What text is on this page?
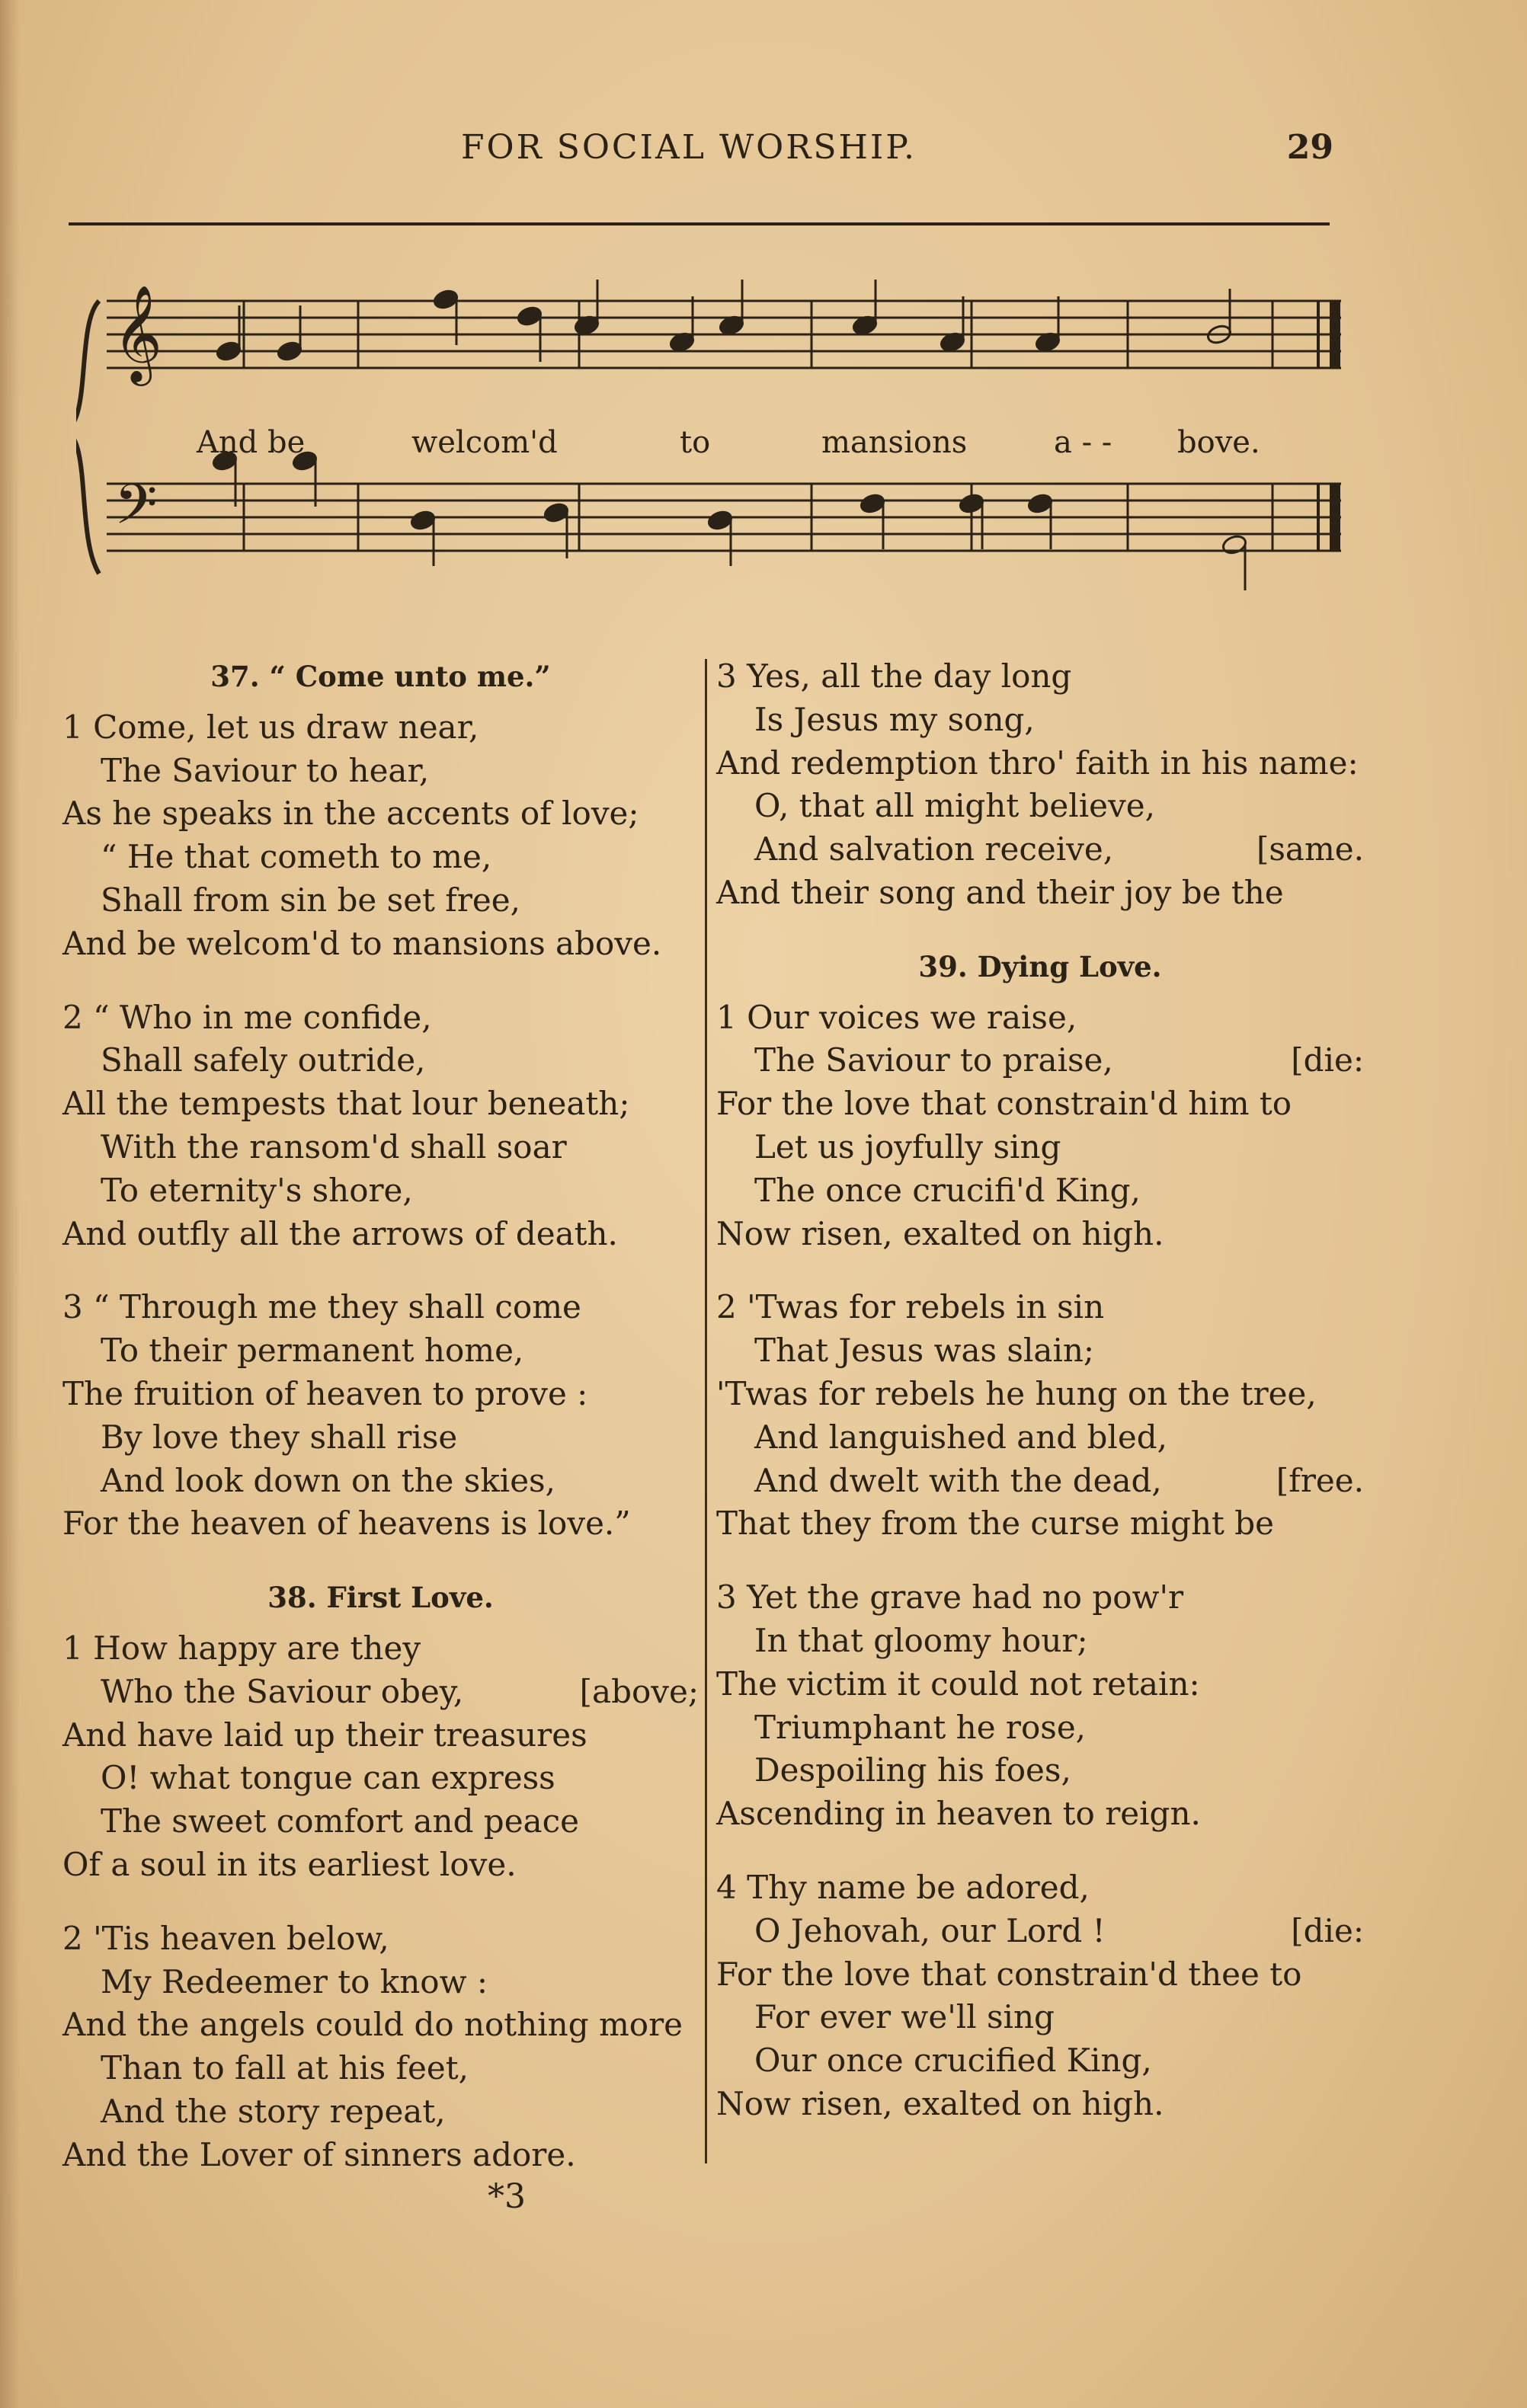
FOR SOCIAL WORSHIP.	29
𝄞
𝄢
And be	welcom'd	to	mansions	a - - bove.
37. “ Come unto me.”
1 Come, let us draw near,
The Saviour to hear,
As he speaks in the accents of love;
“ He that cometh to me,
Shall from sin be set free,
And be welcom'd to mansions above.
2 “ Who in me confide,
Shall safely outride,
All the tempests that lour beneath;
With the ransom'd shall soar
To eternity's shore,
And outfly all the arrows of death.
3 “ Through me they shall come
To their permanent home,
The fruition of heaven to prove :
By love they shall rise
And look down on the skies,
For the heaven of heavens is love.”
38. First Love.
1 How happy are they
Who the Saviour obey,	[above;
And have laid up their treasures
O! what tongue can express
The sweet comfort and peace
Of a soul in its earliest love.
2 'Tis heaven below,
My Redeemer to know :
And the angels could do nothing more
Than to fall at his feet,
And the story repeat,
And the Lover of sinners adore.
3 Yes, all the day long
Is Jesus my song,
And redemption thro' faith in his name:
O, that all might believe,
And salvation receive,	[same.
And their song and their joy be the
39. Dying Love.
1 Our voices we raise,
The Saviour to praise,	[die:
For the love that constrain'd him to
Let us joyfully sing
The once crucifi'd King,
Now risen, exalted on high.
2 'Twas for rebels in sin
That Jesus was slain;
'Twas for rebels he hung on the tree,
And languished and bled,
And dwelt with the dead,	[free.
That they from the curse might be
3 Yet the grave had no pow'r
In that gloomy hour;
The victim it could not retain:
Triumphant he rose,
Despoiling his foes,
Ascending in heaven to reign.
4 Thy name be adored,
O Jehovah, our Lord !	[die:
For the love that constrain'd thee to
For ever we'll sing
Our once crucified King,
Now risen, exalted on high.
*3
